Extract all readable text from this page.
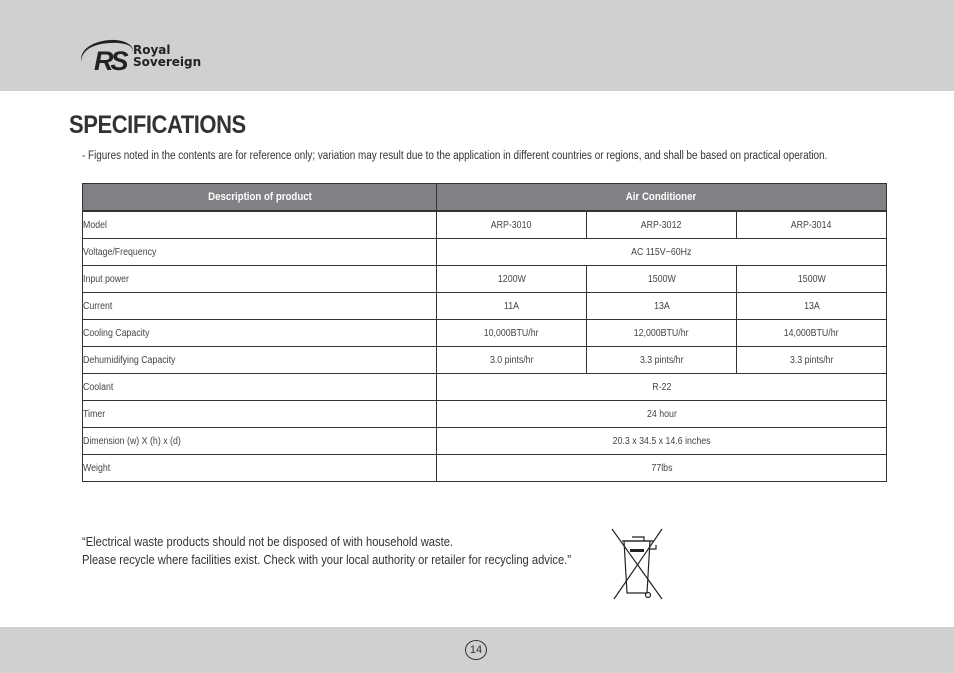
RS Royal
Sovereign
SPECIFICATIONS
- Figures noted in the contents are for reference only; variation may result due to the application in different countries or regions, and shall be based on practical operation.
Description of product	Air Conditioner		
Model	ARP-3010	ARP-3012	ARP-3014
Voltage/Frequency	AC 115V~60Hz		
Input power	1200W	1500W	1500W
Current	11A	13A	13A
Cooling Capacity	10,000BTU/hr	12,000BTU/hr	14,000BTU/hr
Dehumidifying Capacity	3.0 pints/hr	3.3 pints/hr	3.3 pints/hr
Coolant	R-22		
Timer	24 hour		
Dimension (w) X (h) x (d)	20.3 x 34.5 x 14.6 inches		
Weight	77lbs		

“Electrical waste products should not be disposed of with household waste.

Please recycle where facilities exist. Check with your local authority or retailer for recycling advice."

14
